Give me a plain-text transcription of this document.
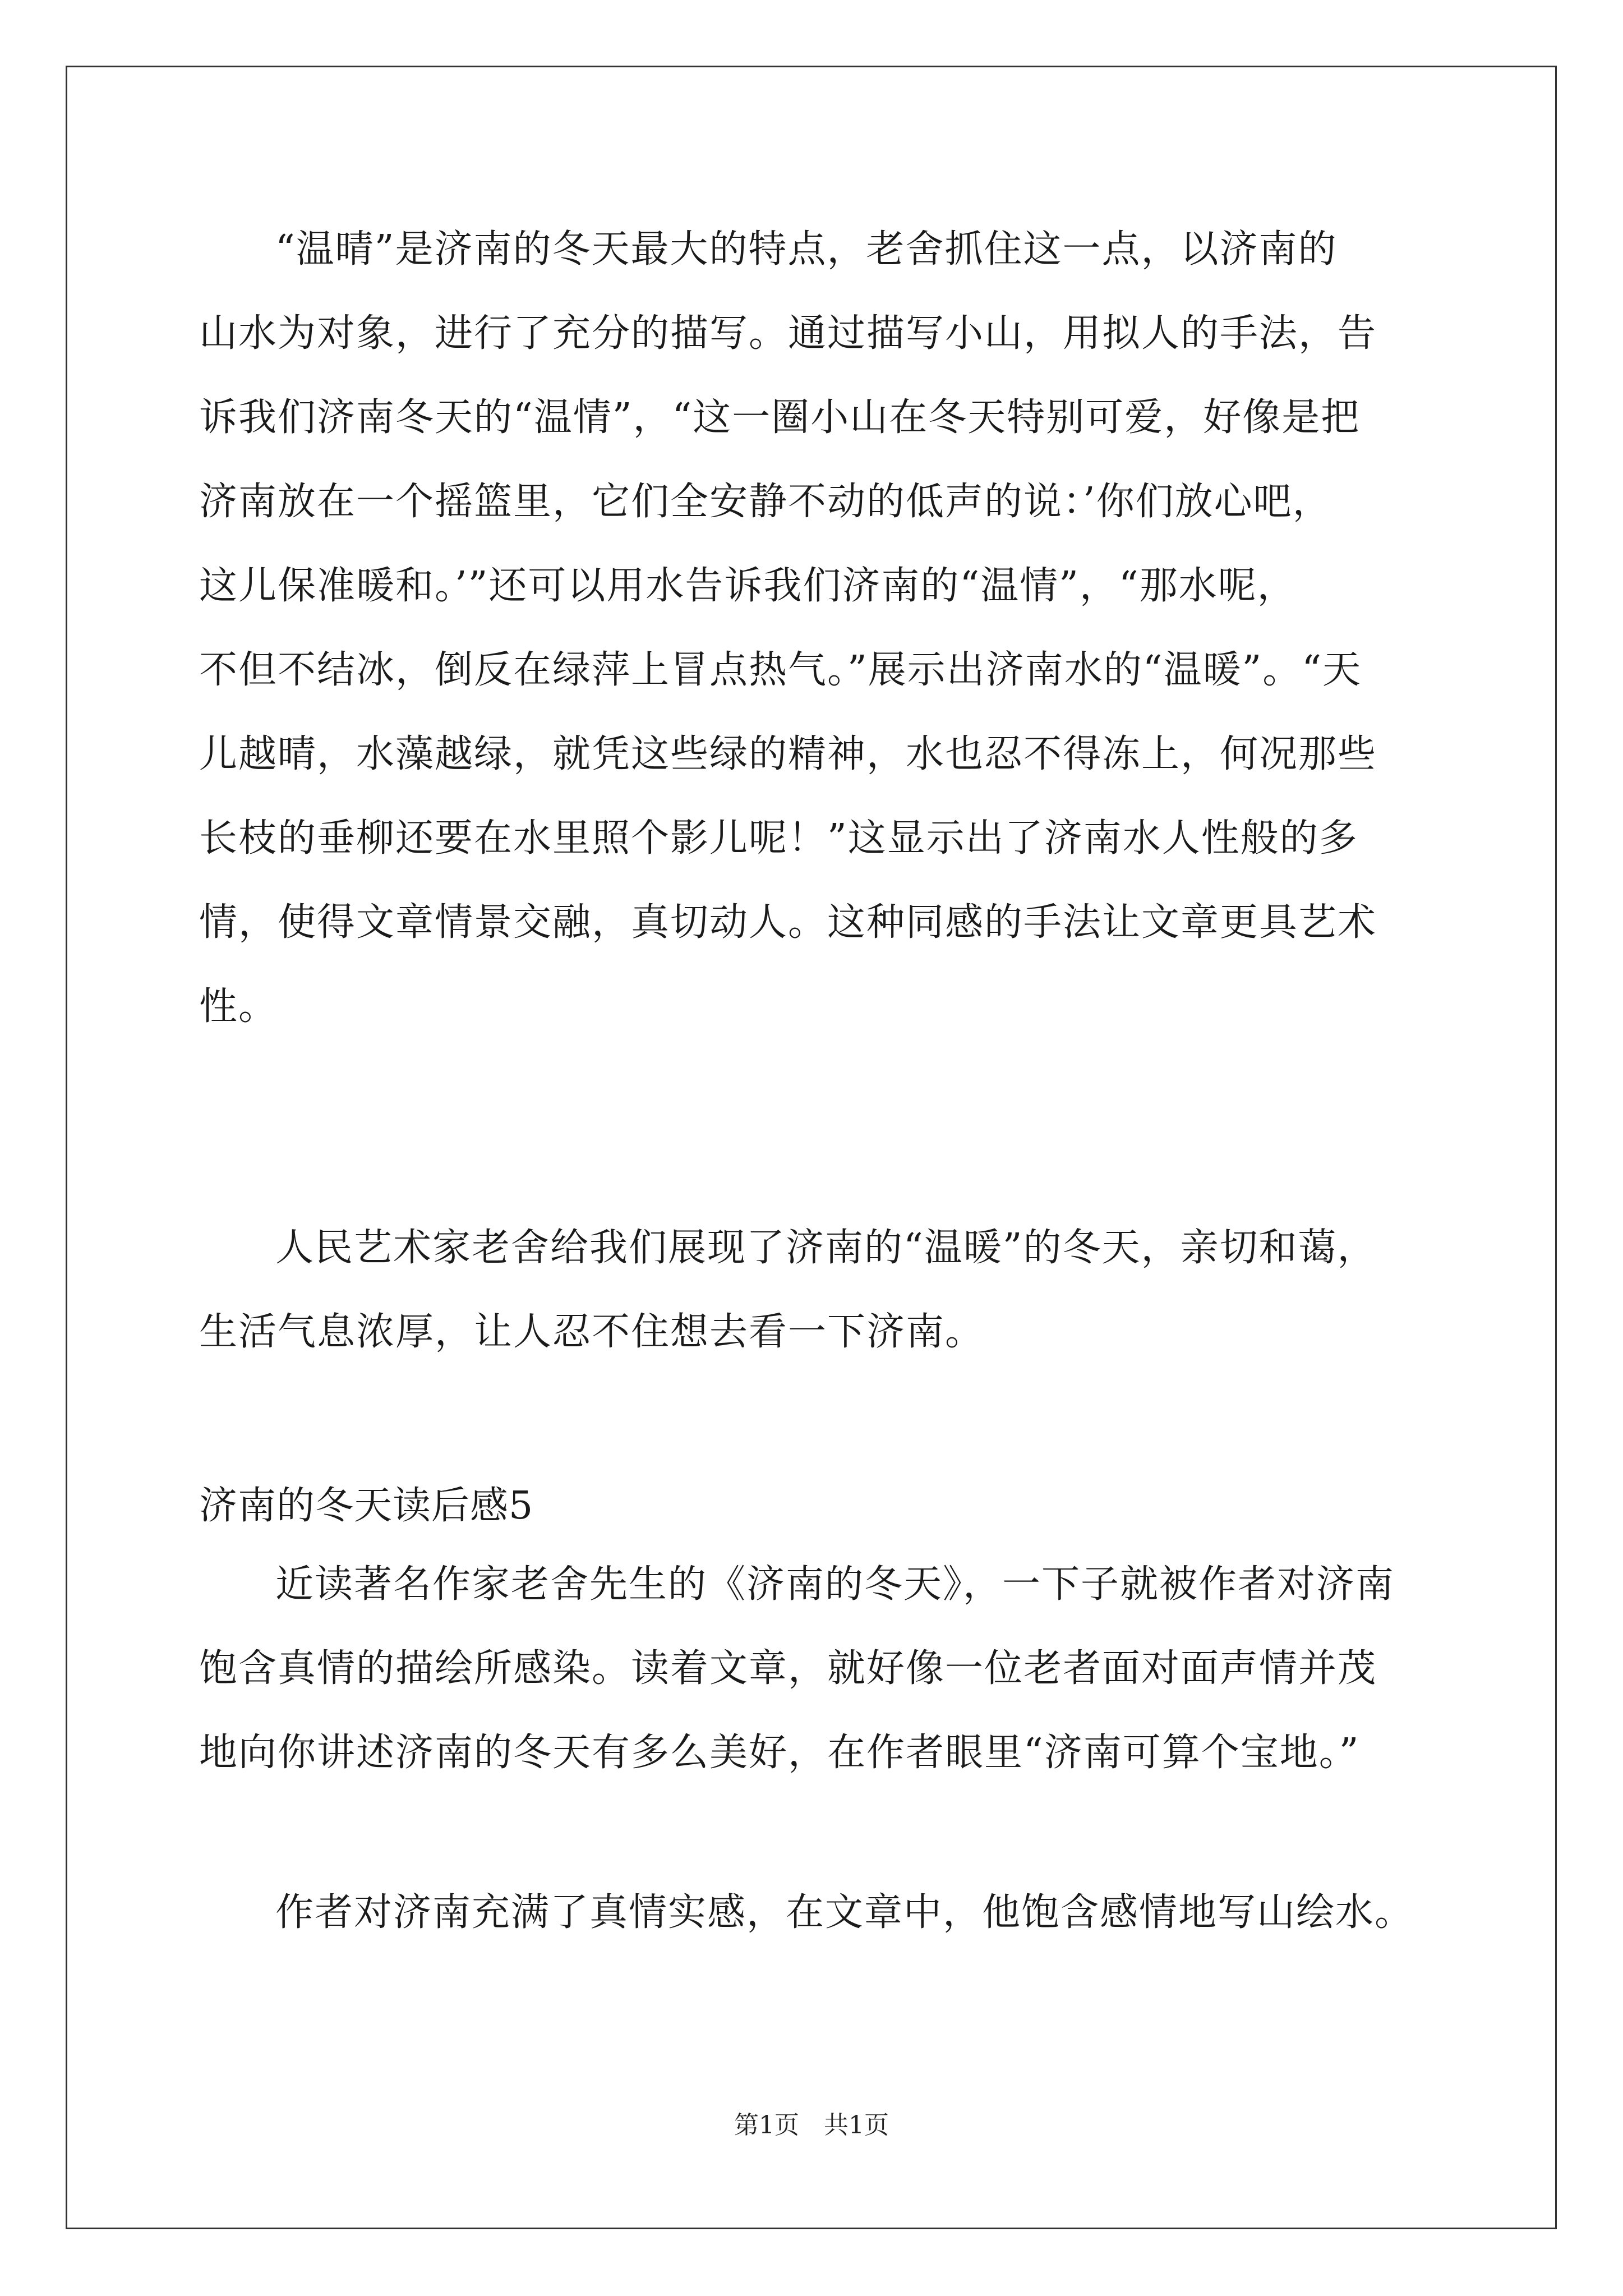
“温晴”是济南的冬天最大的特点，老舍抓住这一点，以济南的
山水为对象，进行了充分的描写。通过描写小山，用拟人的手法，告
诉我们济南冬天的“温情”，“这一圈小山在冬天特别可爱，好像是把
济南放在一个摇篮里，它们全安静不动的低声的说：’你们放心吧，
这儿保准暖和。’”还可以用水告诉我们济南的“温情”，“那水呢，
不但不结冰，倒反在绿萍上冒点热气。”展示出济南水的“温暖”。“天
儿越晴，水藻越绿，就凭这些绿的精神，水也忍不得冻上，何况那些
长枝的垂柳还要在水里照个影儿呢！”这显示出了济南水人性般的多
情，使得文章情景交融，真切动人。这种同感的手法让文章更具艺术
性。
人民艺术家老舍给我们展现了济南的“温暖”的冬天，亲切和蔼，
生活气息浓厚，让人忍不住想去看一下济南。
济南的冬天读后感5
近读著名作家老舍先生的《济南的冬天》，一下子就被作者对济南
饱含真情的描绘所感染。读着文章，就好像一位老者面对面声情并茂
地向你讲述济南的冬天有多么美好，在作者眼里“济南可算个宝地。”
作者对济南充满了真情实感，在文章中，他饱含感情地写山绘水。
第1页　共1页
